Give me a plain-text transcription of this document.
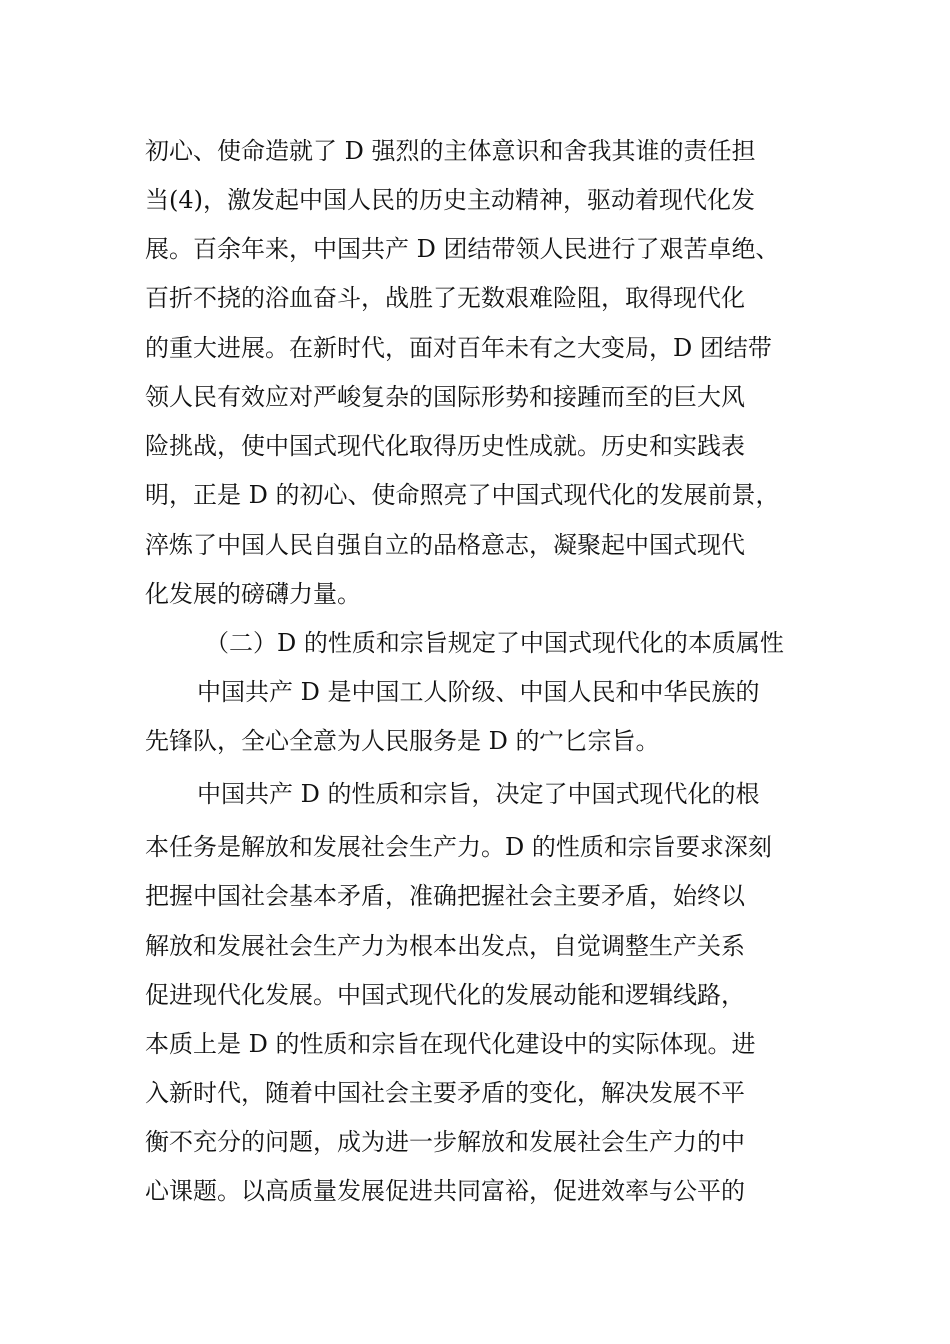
初心、使命造就了 D 强烈的主体意识和舍我其谁的责任担
当(4)，激发起中国人民的历史主动精神，驱动着现代化发
展。百余年来，中国共产 D 团结带领人民进行了艰苦卓绝、
百折不挠的浴血奋斗，战胜了无数艰难险阻，取得现代化
的重大进展。在新时代，面对百年未有之大变局，D 团结带
领人民有效应对严峻复杂的国际形势和接踵而至的巨大风
险挑战，使中国式现代化取得历史性成就。历史和实践表
明，正是 D 的初心、使命照亮了中国式现代化的发展前景，
淬炼了中国人民自强自立的品格意志，凝聚起中国式现代
化发展的磅礴力量。
（二）D 的性质和宗旨规定了中国式现代化的本质属性
中国共产 D 是中国工人阶级、中国人民和中华民族的
先锋队，全心全意为人民服务是 D 的宀匕宗旨。
中国共产 D 的性质和宗旨，决定了中国式现代化的根
本任务是解放和发展社会生产力。D 的性质和宗旨要求深刻
把握中国社会基本矛盾，准确把握社会主要矛盾，始终以
解放和发展社会生产力为根本出发点，自觉调整生产关系
促进现代化发展。中国式现代化的发展动能和逻辑线路，
本质上是 D 的性质和宗旨在现代化建设中的实际体现。进
入新时代，随着中国社会主要矛盾的变化，解决发展不平
衡不充分的问题，成为进一步解放和发展社会生产力的中
心课题。以高质量发展促进共同富裕，促进效率与公平的
